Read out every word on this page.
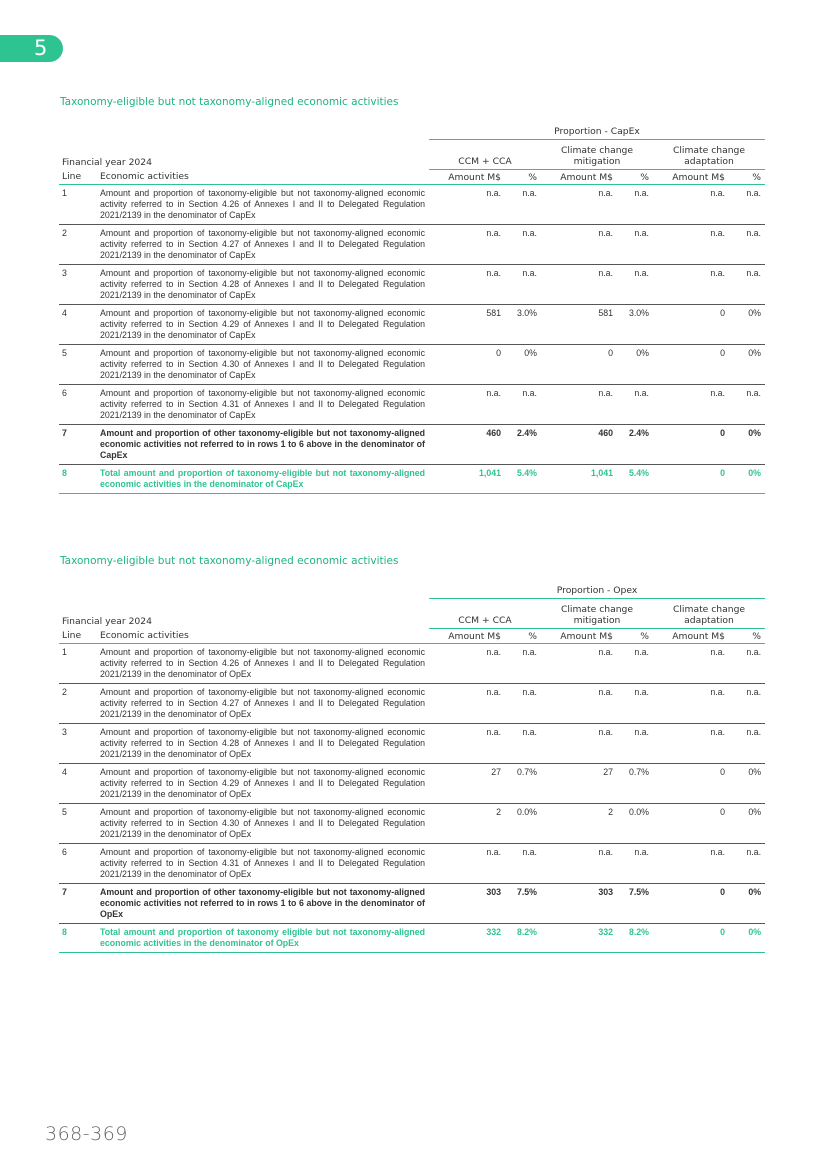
5
Taxonomy-eligible but not taxonomy-aligned economic activities
		Proportion - CapEx					
Financial year 2024		CCM + CCA		Climate change mitigation		Climate change adaptation	

Line	Economic activities	Amount M$	%	Amount M$	%	Amount M$	%
1	Amount and proportion of taxonomy-eligible but not taxonomy-aligned economic activity referred to in Section 4.26 of Annexes I and II to Delegated Regulation 2021/2139 in the denominator of CapEx	n.a.	n.a.	n.a.	n.a.	n.a.	n.a.
2	Amount and proportion of taxonomy-eligible but not taxonomy-aligned economic activity referred to in Section 4.27 of Annexes I and II to Delegated Regulation 2021/2139 in the denominator of CapEx	n.a.	n.a.	n.a.	n.a.	n.a.	n.a.
3	Amount and proportion of taxonomy-eligible but not taxonomy-aligned economic activity referred to in Section 4.28 of Annexes I and II to Delegated Regulation 2021/2139 in the denominator of CapEx	n.a.	n.a.	n.a.	n.a.	n.a.	n.a.
4	Amount and proportion of taxonomy-eligible but not taxonomy-aligned economic activity referred to in Section 4.29 of Annexes I and II to Delegated Regulation 2021/2139 in the denominator of CapEx	581	3.0%	581	3.0%	0	0%
5	Amount and proportion of taxonomy-eligible but not taxonomy-aligned economic activity referred to in Section 4.30 of Annexes I and II to Delegated Regulation 2021/2139 in the denominator of CapEx	0	0%	0	0%	0	0%
6	Amount and proportion of taxonomy-eligible but not taxonomy-aligned economic activity referred to in Section 4.31 of Annexes I and II to Delegated Regulation 2021/2139 in the denominator of CapEx	n.a.	n.a.	n.a.	n.a.	n.a.	n.a.
7	Amount and proportion of other taxonomy-eligible but not taxonomy-aligned economic activities not referred to in rows 1 to 6 above in the denominator of CapEx	460	2.4%	460	2.4%	0	0%
8	Total amount and proportion of taxonomy-eligible but not taxonomy-aligned economic activities in the denominator of CapEx	1,041	5.4%	1,041	5.4%	0	0%
Taxonomy-eligible but not taxonomy-aligned economic activities
		Proportion - Opex					
Financial year 2024		CCM + CCA		Climate change mitigation		Climate change adaptation	

Line	Economic activities	Amount M$	%	Amount M$	%	Amount M$	%
1	Amount and proportion of taxonomy-eligible but not taxonomy-aligned economic activity referred to in Section 4.26 of Annexes I and II to Delegated Regulation 2021/2139 in the denominator of OpEx	n.a.	n.a.	n.a.	n.a.	n.a.	n.a.
2	Amount and proportion of taxonomy-eligible but not taxonomy-aligned economic activity referred to in Section 4.27 of Annexes I and II to Delegated Regulation 2021/2139 in the denominator of OpEx	n.a.	n.a.	n.a.	n.a.	n.a.	n.a.
3	Amount and proportion of taxonomy-eligible but not taxonomy-aligned economic activity referred to in Section 4.28 of Annexes I and II to Delegated Regulation 2021/2139 in the denominator of OpEx	n.a.	n.a.	n.a.	n.a.	n.a.	n.a.
4	Amount and proportion of taxonomy-eligible but not taxonomy-aligned economic activity referred to in Section 4.29 of Annexes I and II to Delegated Regulation 2021/2139 in the denominator of OpEx	27	0.7%	27	0.7%	0	0%
5	Amount and proportion of taxonomy-eligible but not taxonomy-aligned economic activity referred to in Section 4.30 of Annexes I and II to Delegated Regulation 2021/2139 in the denominator of OpEx	2	0.0%	2	0.0%	0	0%
6	Amount and proportion of taxonomy-eligible but not taxonomy-aligned economic activity referred to in Section 4.31 of Annexes I and II to Delegated Regulation 2021/2139 in the denominator of OpEx	n.a.	n.a.	n.a.	n.a.	n.a.	n.a.
7	Amount and proportion of other taxonomy-eligible but not taxonomy-aligned economic activities not referred to in rows 1 to 6 above in the denominator of OpEx	303	7.5%	303	7.5%	0	0%
8	Total amount and proportion of taxonomy eligible but not taxonomy-aligned economic activities in the denominator of OpEx	332	8.2%	332	8.2%	0	0%
368-369
